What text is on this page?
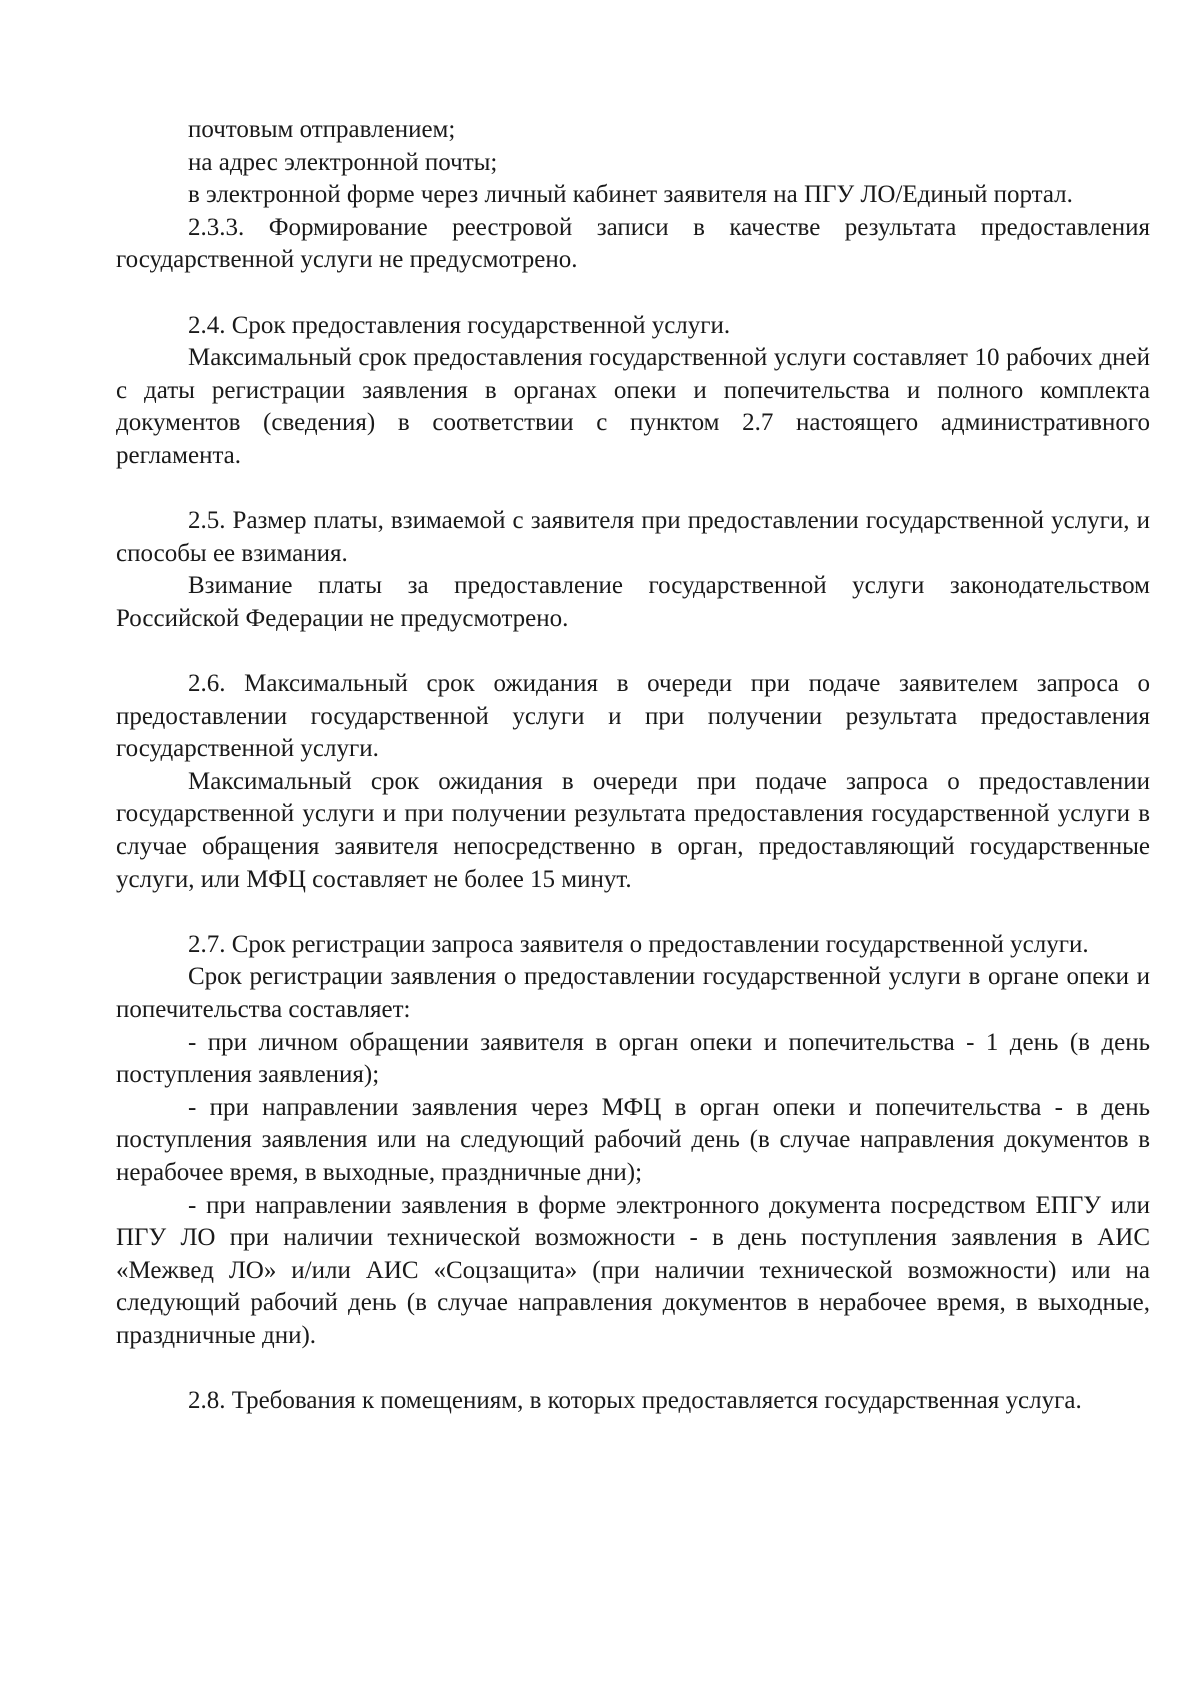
почтовым отправлением;

на адрес электронной почты;

в электронной форме через личный кабинет заявителя на ПГУ ЛО/Единый портал.

2.3.3. Формирование реестровой записи в качестве результата предоставления государственной услуги не предусмотрено.

2.4. Срок предоставления государственной услуги.

Максимальный срок предоставления государственной услуги составляет 10 рабочих дней с даты регистрации заявления в органах опеки и попечительства и полного комплекта документов (сведения) в соответствии с пунктом 2.7 настоящего административного регламента.

2.5. Размер платы, взимаемой с заявителя при предоставлении государственной услуги, и способы ее взимания.

Взимание платы за предоставление государственной услуги законодательством Российской Федерации не предусмотрено.

2.6. Максимальный срок ожидания в очереди при подаче заявителем запроса о предоставлении государственной услуги и при получении результата предоставления государственной услуги.

Максимальный срок ожидания в очереди при подаче запроса о предоставлении государственной услуги и при получении результата предоставления государственной услуги в случае обращения заявителя непосредственно в орган, предоставляющий государственные услуги, или МФЦ составляет не более 15 минут.

2.7. Срок регистрации запроса заявителя о предоставлении государственной услуги.

Срок регистрации заявления о предоставлении государственной услуги в органе опеки и попечительства составляет:

- при личном обращении заявителя в орган опеки и попечительства - 1 день (в день поступления заявления);

- при направлении заявления через МФЦ в орган опеки и попечительства - в день поступления заявления или на следующий рабочий день (в случае направления документов в нерабочее время, в выходные, праздничные дни);

- при направлении заявления в форме электронного документа посредством ЕПГУ или ПГУ ЛО при наличии технической возможности - в день поступления заявления в АИС «Межвед ЛО» и/или АИС «Соцзащита» (при наличии технической возможности) или на следующий рабочий день (в случае направления документов в нерабочее время, в выходные, праздничные дни).

2.8. Требования к помещениям, в которых предоставляется государственная услуга.
